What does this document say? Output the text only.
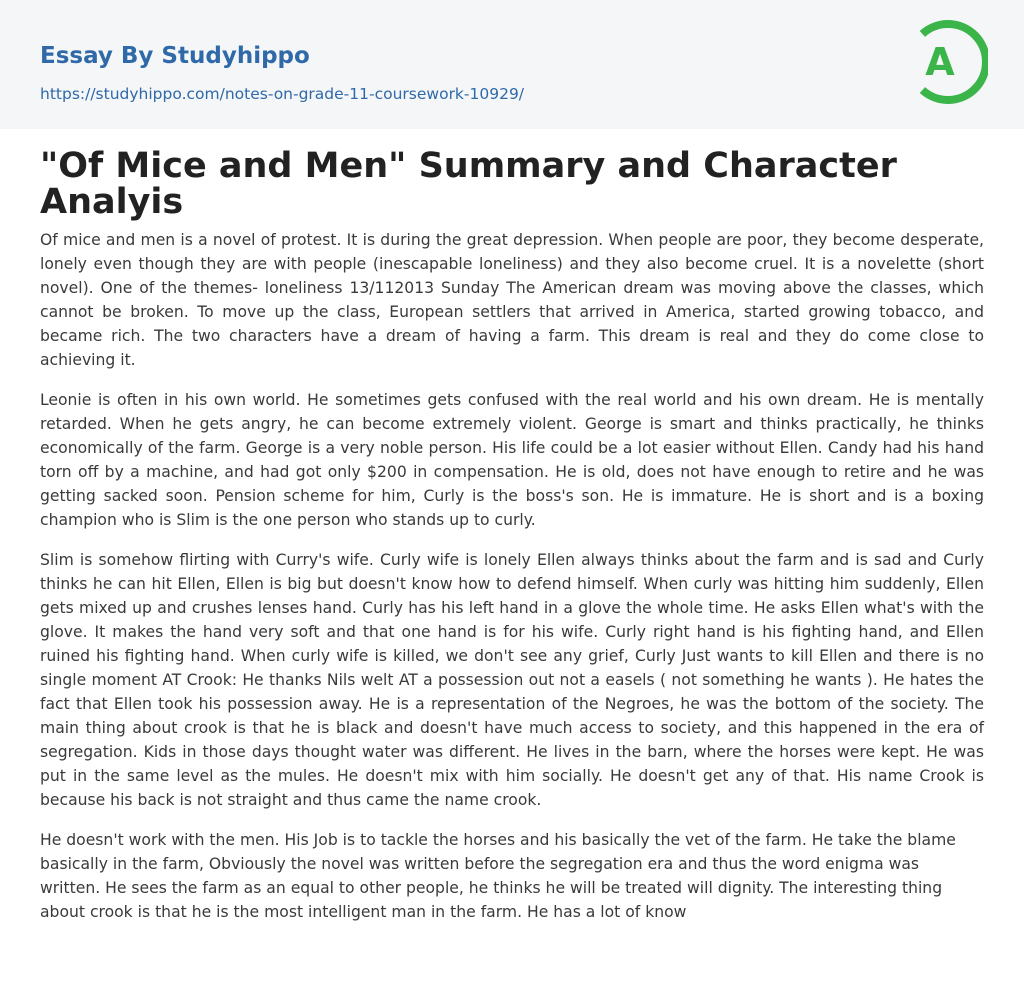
Essay By Studyhippo
https://studyhippo.com/notes-on-grade-11-coursework-10929/
A
"Of Mice and Men" Summary and Character Analyis

Of mice and men is a novel of protest. It is during the great depression. When people are poor, they become desperate, lonely even though they are with people (inescapable loneliness) and they also become cruel. It is a novelette (short novel). One of the themes- loneliness 13/112013 Sunday The American dream was moving above the classes, which cannot be broken. To move up the class, European settlers that arrived in America, started growing tobacco, and became rich. The two characters have a dream of having a farm. This dream is real and they do come close to achieving it.

Leonie is often in his own world. He sometimes gets confused with the real world and his own dream. He is mentally retarded. When he gets angry, he can become extremely violent. George is smart and thinks practically, he thinks economically of the farm. George is a very noble person. His life could be a lot easier without Ellen. Candy had his hand torn off by a machine, and had got only $200 in compensation. He is old, does not have enough to retire and he was getting sacked soon. Pension scheme for him, Curly is the boss's son. He is immature. He is short and is a boxing champion who is Slim is the one person who stands up to curly.

Slim is somehow flirting with Curry's wife. Curly wife is lonely Ellen always thinks about the farm and is sad and Curly thinks he can hit Ellen, Ellen is big but doesn't know how to defend himself. When curly was hitting him suddenly, Ellen gets mixed up and crushes lenses hand. Curly has his left hand in a glove the whole time. He asks Ellen what's with the glove. It makes the hand very soft and that one hand is for his wife. Curly right hand is his fighting hand, and Ellen ruined his fighting hand. When curly wife is killed, we don't see any grief, Curly Just wants to kill Ellen and there is no single moment AT Crook: He thanks Nils welt AT a possession out not a easels ( not something he wants ). He hates the fact that Ellen took his possession away. He is a representation of the Negroes, he was the bottom of the society. The main thing about crook is that he is black and doesn't have much access to society, and this happened in the era of segregation. Kids in those days thought water was different. He lives in the barn, where the horses were kept. He was put in the same level as the mules. He doesn't mix with him socially. He doesn't get any of that. His name Crook is because his back is not straight and thus came the name crook.

He doesn't work with the men. His Job is to tackle the horses and his basically the vet of the farm. He take the blame basically in the farm, Obviously the novel was written before the segregation era and thus the word enigma was written. He sees the farm as an equal to other people, he thinks he will be treated will dignity. The interesting thing about crook is that he is the most intelligent man in the farm. He has a lot of know
